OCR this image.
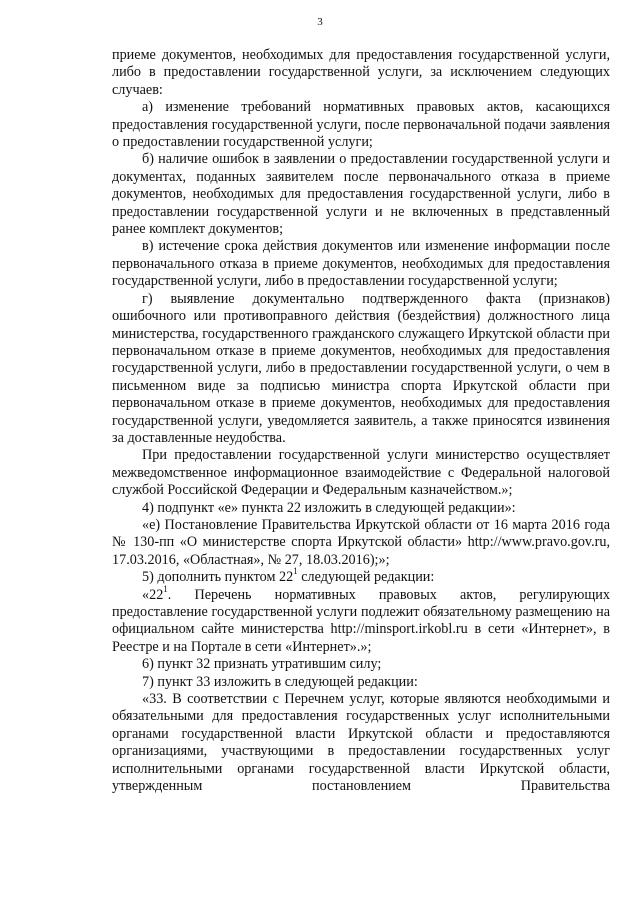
3

приеме документов, необходимых для предоставления государственной услуги, либо в предоставлении государственной услуги, за исключением следующих случаев:

а) изменение требований нормативных правовых актов, касающихся предоставления государственной услуги, после первоначальной подачи заявления о предоставлении государственной услуги;

б) наличие ошибок в заявлении о предоставлении государственной услуги и документах, поданных заявителем после первоначального отказа в приеме документов, необходимых для предоставления государственной услуги, либо в предоставлении государственной услуги и не включенных в представленный ранее комплект документов;

в) истечение срока действия документов или изменение информации после первоначального отказа в приеме документов, необходимых для предоставления государственной услуги, либо в предоставлении государственной услуги;

г) выявление документально подтвержденного факта (признаков) ошибочного или противоправного действия (бездействия) должностного лица министерства, государственного гражданского служащего Иркутской области при первоначальном отказе в приеме документов, необходимых для предоставления государственной услуги, либо в предоставлении государственной услуги, о чем в письменном виде за подписью министра спорта Иркутской области при первоначальном отказе в приеме документов, необходимых для предоставления государственной услуги, уведомляется заявитель, а также приносятся извинения за доставленные неудобства.

При предоставлении государственной услуги министерство осуществляет межведомственное информационное взаимодействие с Федеральной налоговой службой Российской Федерации и Федеральным казначейством.»;

4) подпункт «е» пункта 22 изложить в следующей редакции»:

«е) Постановление Правительства Иркутской области от 16 марта 2016 года № 130-пп «О министерстве спорта Иркутской области» http://www.pravo.gov.ru, 17.03.2016, «Областная», № 27, 18.03.2016);»;

5) дополнить пунктом $22^1$ следующей редакции:

«$22^1$. Перечень нормативных правовых актов, регулирующих предоставление государственной услуги подлежит обязательному размещению на официальном сайте министерства http://minsport.irkobl.ru в сети «Интернет», в Реестре и на Портале в сети «Интернет».»;

6) пункт 32 признать утратившим силу;

7) пункт 33 изложить в следующей редакции:

«33. В соответствии с Перечнем услуг, которые являются необходимыми и обязательными для предоставления государственных услуг исполнительными органами государственной власти Иркутской области и предоставляются организациями, участвующими в предоставлении государственных услуг исполнительными органами государственной власти Иркутской области, утвержденным постановлением Правительства
